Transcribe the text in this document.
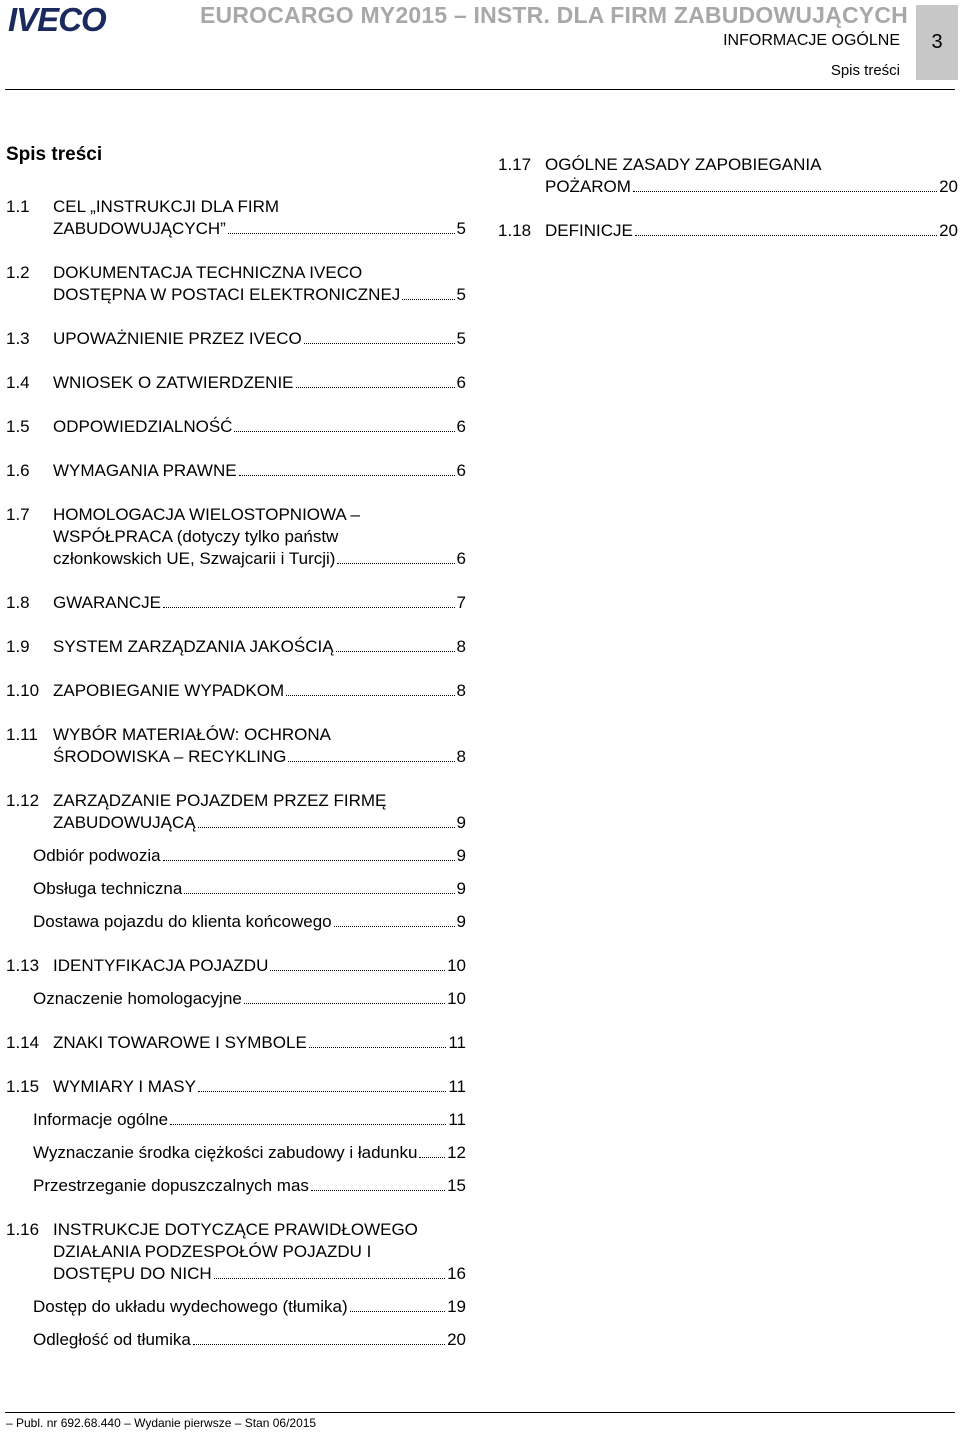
IVECO	EUROCARGO MY2015 – INSTR. DLA FIRM ZABUDOWUJĄCYCH
INFORMACJE OGÓLNE
Spis treści
3
Spis treści
1.1	CEL „INSTRUKCJI DLA FIRM
ZABUDOWUJĄCYCH”	5
1.2	DOKUMENTACJA TECHNICZNA IVECO
DOSTĘPNA W POSTACI ELEKTRONICZNEJ	5
1.3	UPOWAŻNIENIE PRZEZ IVECO	5
1.4	WNIOSEK O ZATWIERDZENIE	6
1.5	ODPOWIEDZIALNOŚĆ	6
1.6	WYMAGANIA PRAWNE	6
1.7	HOMOLOGACJA WIELOSTOPNIOWA –
WSPÓŁPRACA (dotyczy tylko państw
członkowskich UE, Szwajcarii i Turcji)	6
1.8	GWARANCJE	7
1.9	SYSTEM ZARZĄDZANIA JAKOŚCIĄ	8
1.10 ZAPOBIEGANIE WYPADKOM	8
1.11 WYBÓR MATERIAŁÓW: OCHRONA
ŚRODOWISKA – RECYKLING	8
1.12 ZARZĄDZANIE POJAZDEM PRZEZ FIRMĘ
ZABUDOWUJĄCĄ	9
Odbiór podwozia	9
Obsługa techniczna	9
Dostawa pojazdu do klienta końcowego	9
1.13 IDENTYFIKACJA POJAZDU	10
Oznaczenie homologacyjne	10
1.14 ZNAKI TOWAROWE I SYMBOLE	11
1.15 WYMIARY I MASY	11
Informacje ogólne	11
Wyznaczanie środka ciężkości zabudowy i ładunku 12
Przestrzeganie dopuszczalnych mas	15
1.16 INSTRUKCJE DOTYCZĄCE PRAWIDŁOWEGO
DZIAŁANIA PODZESPOŁÓW POJAZDU I
DOSTĘPU DO NICH	16
Dostęp do układu wydechowego (tłumika)	19
Odległość od tłumika	20
1.17 OGÓLNE ZASADY ZAPOBIEGANIA
POŻAROM	20
1.18 DEFINICJE	20
– Publ. nr 692.68.440 – Wydanie pierwsze – Stan 06/2015
